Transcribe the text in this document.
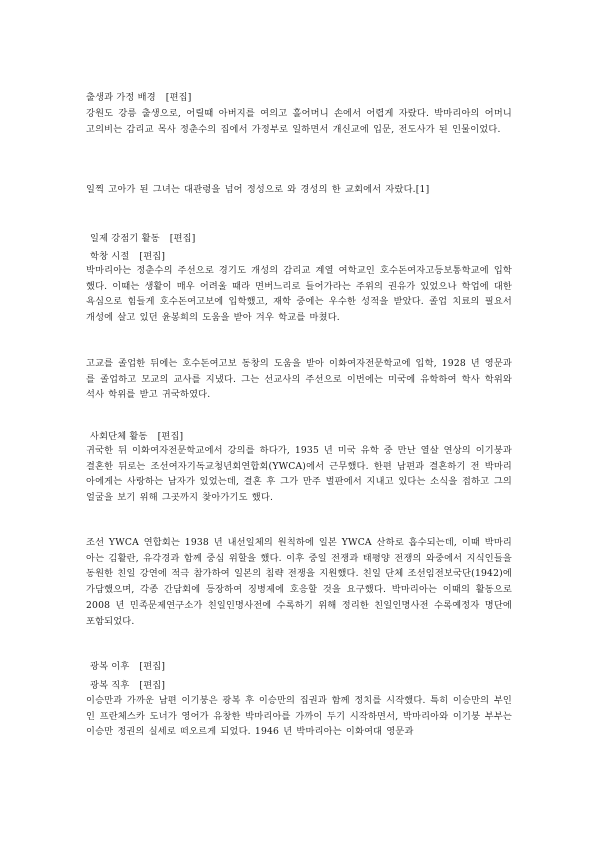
출생과 가정 배경 [편집]
강원도 강릉 출생으로, 어릴때 아버지를 여의고 홀어머니 손에서 어렵게 자랐다. 박마리아의 어머니 고의비는 감리교 목사 정춘수의 집에서 가정부로 일하면서 개신교에 입문, 전도사가 된 인물이었다.
일찍 고아가 된 그녀는 대관령을 넘어 정성으로 와 경성의 한 교회에서 자랐다.[1]
일제 강점기 활동 [편집]
학창 시절 [편집]
박마리아는 정춘수의 주선으로 경기도 개성의 감리교 계열 여학교인 호수돈여자고등보통학교에 입학했다. 이때는 생활이 매우 어려울 때라 면버느리로 들어가라는 주위의 권유가 있었으나 학업에 대한 욕심으로 힘들게 호수돈여고보에 입학했고, 재학 중에는 우수한 성적을 받았다. 졸업 치료의 필요서 개성에 살고 있던 윤봉희의 도움을 받아 겨우 학교를 마쳤다.
고교를 졸업한 뒤에는 호수돈여고보 동창의 도움을 받아 이화여자전문학교에 입학, 1928 년 영문과를 졸업하고 모교의 교사를 지냈다. 그는 선교사의 주선으로 이번에는 미국에 유학하여 학사 학위와 석사 학위를 받고 귀국하였다.
사회단체 활동 [편집]
귀국한 뒤 이화여자전문학교에서 강의를 하다가, 1935 년 미국 유학 중 만난 열살 연상의 이기붕과 결혼한 뒤로는 조선여자기독교청년회연합회(YWCA)에서 근무했다. 한편 남편과 결혼하기 전 박마리아에게는 사랑하는 남자가 있었는데, 결혼 후 그가 만주 벌판에서 지내고 있다는 소식을 접하고 그의 얼굴을 보기 위해 그곳까지 찾아가기도 했다.
조선 YWCA 연합회는 1938 년 내선일체의 원칙하에 일본 YWCA 산하로 흡수되는데, 이때 박마리아는 김활란, 유각경과 함께 중심 위할을 했다. 이후 중일 전쟁과 태평양 전쟁의 와중에서 지식인들을 동원한 친일 강연에 적극 참가하여 일본의 침략 전쟁을 지원했다. 친일 단체 조선임전보국단(1942)에 가담했으며, 각종 간담회에 등장하여 징병제에 호응할 것을 요구했다. 박마리아는 이때의 활동으로 2008 년 민족문제연구소가 친일인명사전에 수록하기 위해 정리한 친일인명사전 수록예정자 명단에 포함되었다.
광복 이후 [편집]
광복 직후 [편집]
이승만과 가까운 남편 이기붕은 광복 후 이승만의 집권과 함께 정치를 시작했다. 특히 이승만의 부인인 프란체스카 도너가 영어가 유창한 박마리아를 가까이 두기 시작하면서, 박마리아와 이기붕 부부는 이승만 정권의 실세로 떠오르게 되었다. 1946 년 박마리아는 이화여대 영문과
